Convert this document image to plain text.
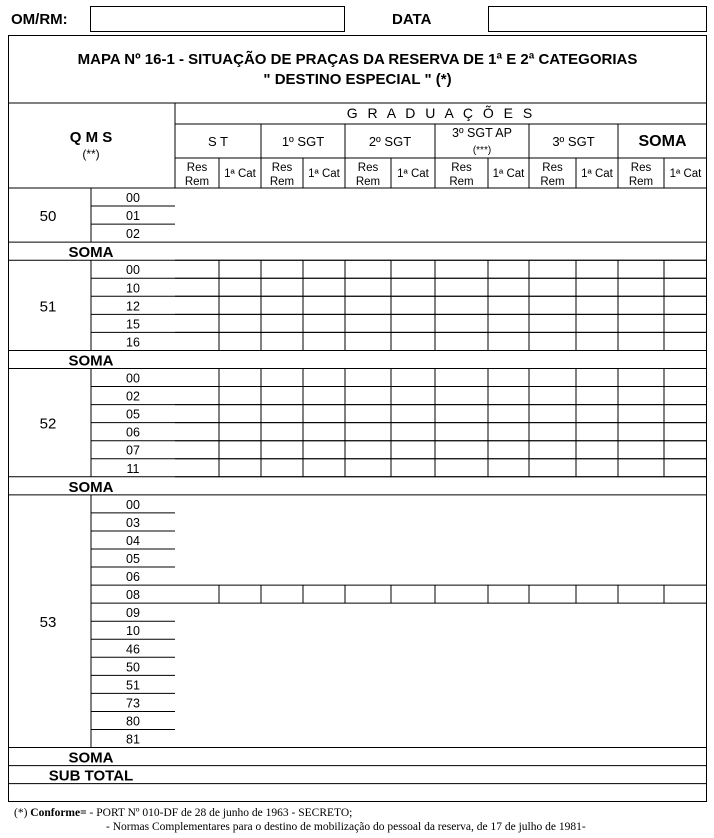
OM/RM:	DATA
MAPA Nº 16-1 - SITUAÇÃO DE PRAÇAS DA RESERVA DE 1ª E 2ª CATEGORIAS
" DESTINO ESPECIAL " (*)
G R A D U A Ç Õ E S
Q M S
(**)
S T
Res
Rem
1ª Cat
1º SGT
Res
Rem
1ª Cat
2º SGT
Res
Rem
1ª Cat
3º SGT AP
(***)
Res
Rem
1ª Cat
3º SGT
Res
Rem
1ª Cat
SOMA
Res
Rem
1ª Cat
00
01
02
50
SOMA
00
10
12
15
16
51
SOMA
00
02
05
06
07
11
52
SOMA
00
03
04
05
06
08
09
10
46
50
51
73
80
81
53
SOMA
SUB TOTAL
(*) Conforme= - PORT Nº 010-DF de 28 de junho de 1963 - SECRETO;
- Normas Complementares para o destino de mobilização do pessoal da reserva, de 17 de julho de 1981-
